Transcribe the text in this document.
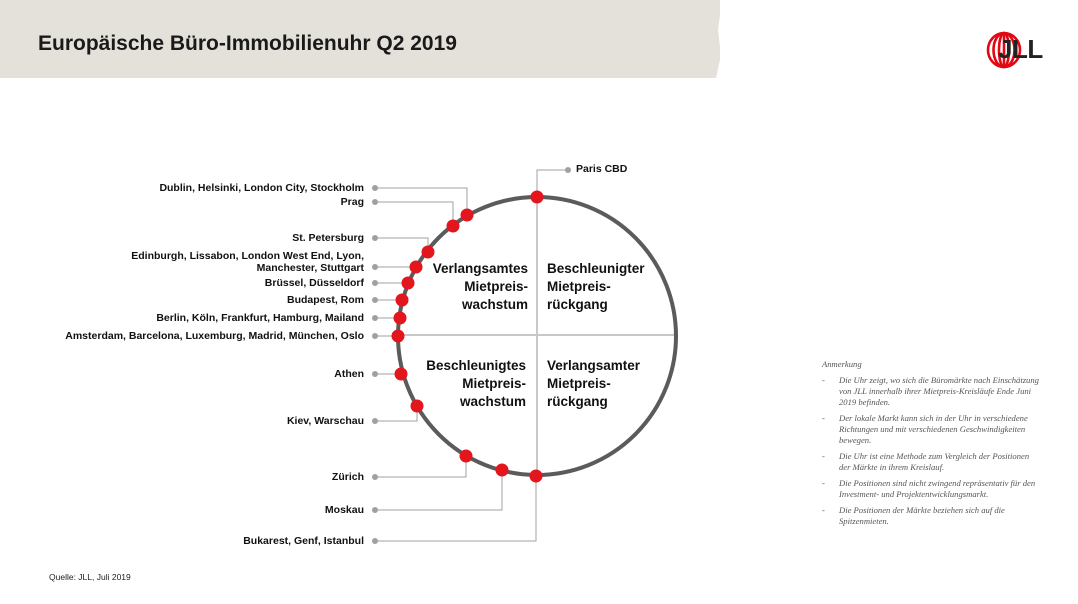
Europäische Büro-Immobilienuhr Q2 2019	JLL
Verlangsamtes
Mietpreis-
wachstum
Beschleunigter
Mietpreis-
rückgang
Beschleunigtes
Mietpreis-
wachstum
Verlangsamter
Mietpreis-
rückgang
Paris CBD
Dublin, Helsinki, London City, Stockholm
Prag
St. Petersburg
Edinburgh, Lissabon, London West End, Lyon,
Manchester, Stuttgart
Brüssel, Düsseldorf
Budapest, Rom
Berlin, Köln, Frankfurt, Hamburg, Mailand
Amsterdam, Barcelona, Luxemburg, Madrid, München, Oslo
Athen
Kiev, Warschau
Zürich
Moskau
Bukarest, Genf, Istanbul
Anmerkung
- Die Uhr zeigt, wo sich die Büromärkte nach Einschätzung von JLL innerhalb ihrer Mietpreis-Kreisläufe Ende Juni 2019 befinden.
- Der lokale Markt kann sich in der Uhr in verschiedene Richtungen und mit verschiedenen Geschwindigkeiten bewegen.
- Die Uhr ist eine Methode zum Vergleich der Positionen der Märkte in ihrem Kreislauf.
- Die Positionen sind nicht zwingend repräsentativ für den Investment- und Projektentwicklungsmarkt.
- Die Positionen der Märkte beziehen sich auf die Spitzenmieten.
Quelle: JLL, Juli 2019
